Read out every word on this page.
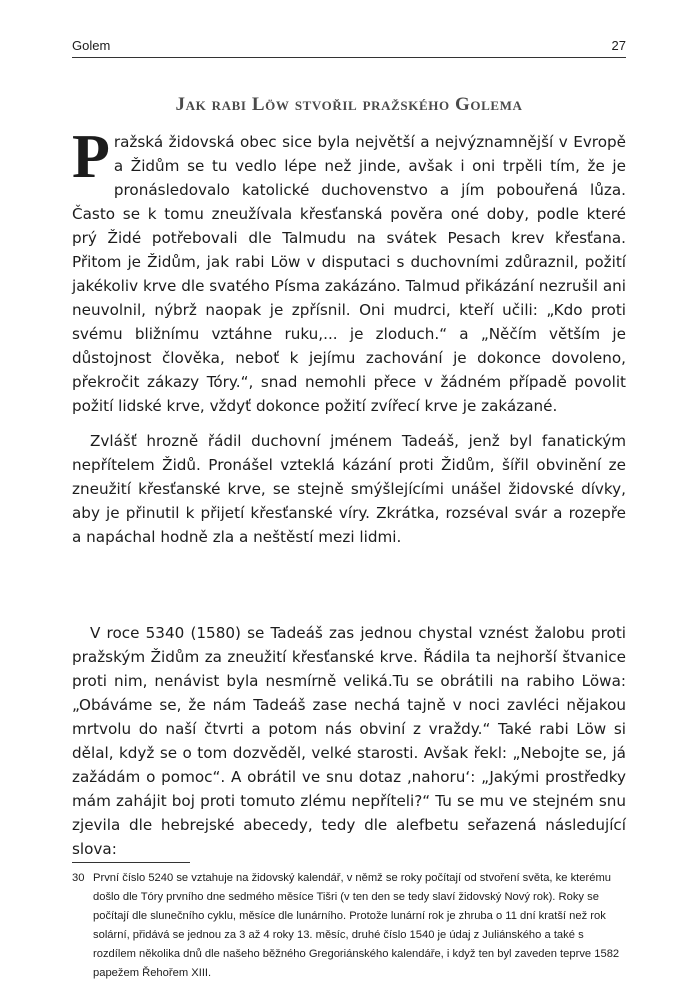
Golem	27
Jak rabi Löw stvořil pražského Golema

Pražská židovská obec sice byla největší a nejvýznamnější v Evropě a Židům se tu vedlo lépe než jinde, avšak i oni trpěli tím, že je pronásledovalo katolické duchovenstvo a jím pobouřená lůza. Často se k tomu zneužívala křesťanská pověra oné doby, podle které prý Židé potřebovali dle Talmudu na svátek Pesach krev křesťana. Přitom je Židům, jak rabi Löw v disputaci s duchovními zdůraznil, požití jakékoliv krve dle svatého Písma zakázáno. Talmud přikázání nezrušil ani neuvolnil, nýbrž naopak je zpřísnil. Oni mudrci, kteří učili: „Kdo proti svému bližnímu vztáhne ruku,... je zloduch.“ a „Něčím větším je důstojnost člověka, neboť k jejímu zachování je dokonce dovoleno, překročit zákazy Tóry.“, snad nemohli přece v žádném případě povolit požití lidské krve, vždyť dokonce požití zvířecí krve je zakázané.

Zvlášť hrozně řádil duchovní jménem Tadeáš, jenž byl fanatickým nepřítelem Židů. Pronášel vzteklá kázání proti Židům, šířil obvinění ze zneužití křesťanské krve, se stejně smýšlejícími unášel židovské dívky, aby je přinutil k přijetí křesťanské víry. Zkrátka, rozséval svár a rozepře a napáchal hodně zla a neštěstí mezi lidmi.

V roce 5340 (1580) se Tadeáš zas jednou chystal vznést žalobu proti pražským Židům za zneužití křesťanské krve. Řádila ta nejhorší štvanice proti nim, nenávist byla nesmírně veliká.Tu se obrátili na rabiho Löwa: „Obáváme se, že nám Tadeáš zase nechá tajně v noci zavléci nějakou mrtvolu do naší čtvrti a potom nás obviní z vraždy.“ Také rabi Löw si dělal, když se o tom dozvěděl, velké starosti. Avšak řekl: „Nebojte se, já zažádám o pomoc“. A obrátil ve snu dotaz ‚nahoru‘: „Jakými prostředky mám zahájit boj proti tomuto zlému nepříteli?“ Tu se mu ve stejném snu zjevila dle hebrejské abecedy, tedy dle alefbetu seřazená následující slova:

30 První číslo 5240 se vztahuje na židovský kalendář, v němž se roky počítají od stvoření světa, ke kterému došlo dle Tóry prvního dne sedmého měsíce Tišri (v ten den se tedy slaví židovský Nový rok). Roky se počítají dle slunečního cyklu, měsíce dle lunárního. Protože lunární rok je zhruba o 11 dní kratší než rok solární, přidává se jednou za 3 až 4 roky 13. měsíc, druhé číslo 1540 je údaj z Juliánského a také s rozdílem několika dnů dle našeho běžného Gregoriánského kalendáře, i když ten byl zaveden teprve 1582 papežem Řehořem XIII.
